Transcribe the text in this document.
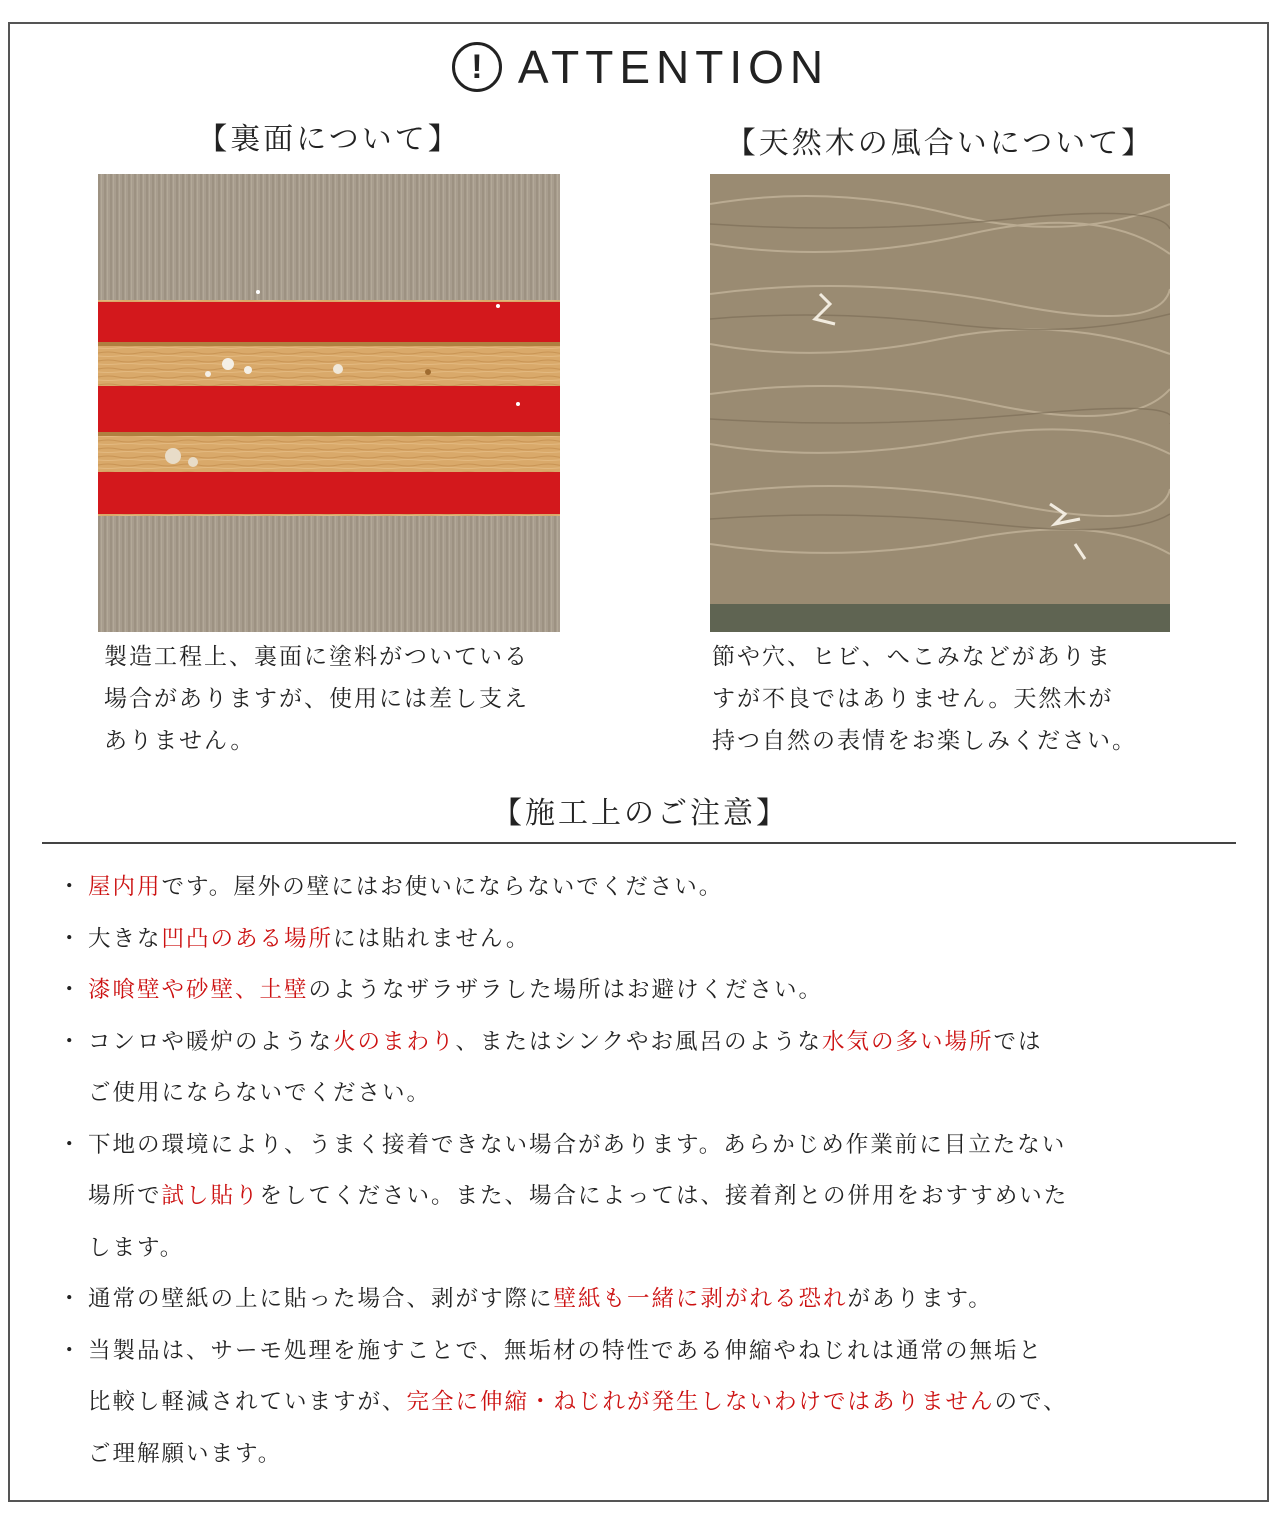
! ATTENTION
【裏面について】	【天然木の風合いについて】
製造工程上、裏面に塗料がついている
場合がありますが、使用には差し支え
ありません。
節や穴、ヒビ、へこみなどがありま
すが不良ではありません。天然木が
持つ自然の表情をお楽しみください。
【施工上のご注意】
・ 屋内用です。屋外の壁にはお使いにならないでください。
・ 大きな凹凸のある場所には貼れません。
・ 漆喰壁や砂壁、土壁のようなザラザラした場所はお避けください。
・ コンロや暖炉のような火のまわり、またはシンクやお風呂のような水気の多い場所では
ご使用にならないでください。
・ 下地の環境により、うまく接着できない場合があります。あらかじめ作業前に目立たない
場所で試し貼りをしてください。また、場合によっては、接着剤との併用をおすすめいた
します。
・ 通常の壁紙の上に貼った場合、剥がす際に壁紙も一緒に剥がれる恐れがあります。
・ 当製品は、サーモ処理を施すことで、無垢材の特性である伸縮やねじれは通常の無垢と
比較し軽減されていますが、完全に伸縮・ねじれが発生しないわけではありませんので、
ご理解願います。
